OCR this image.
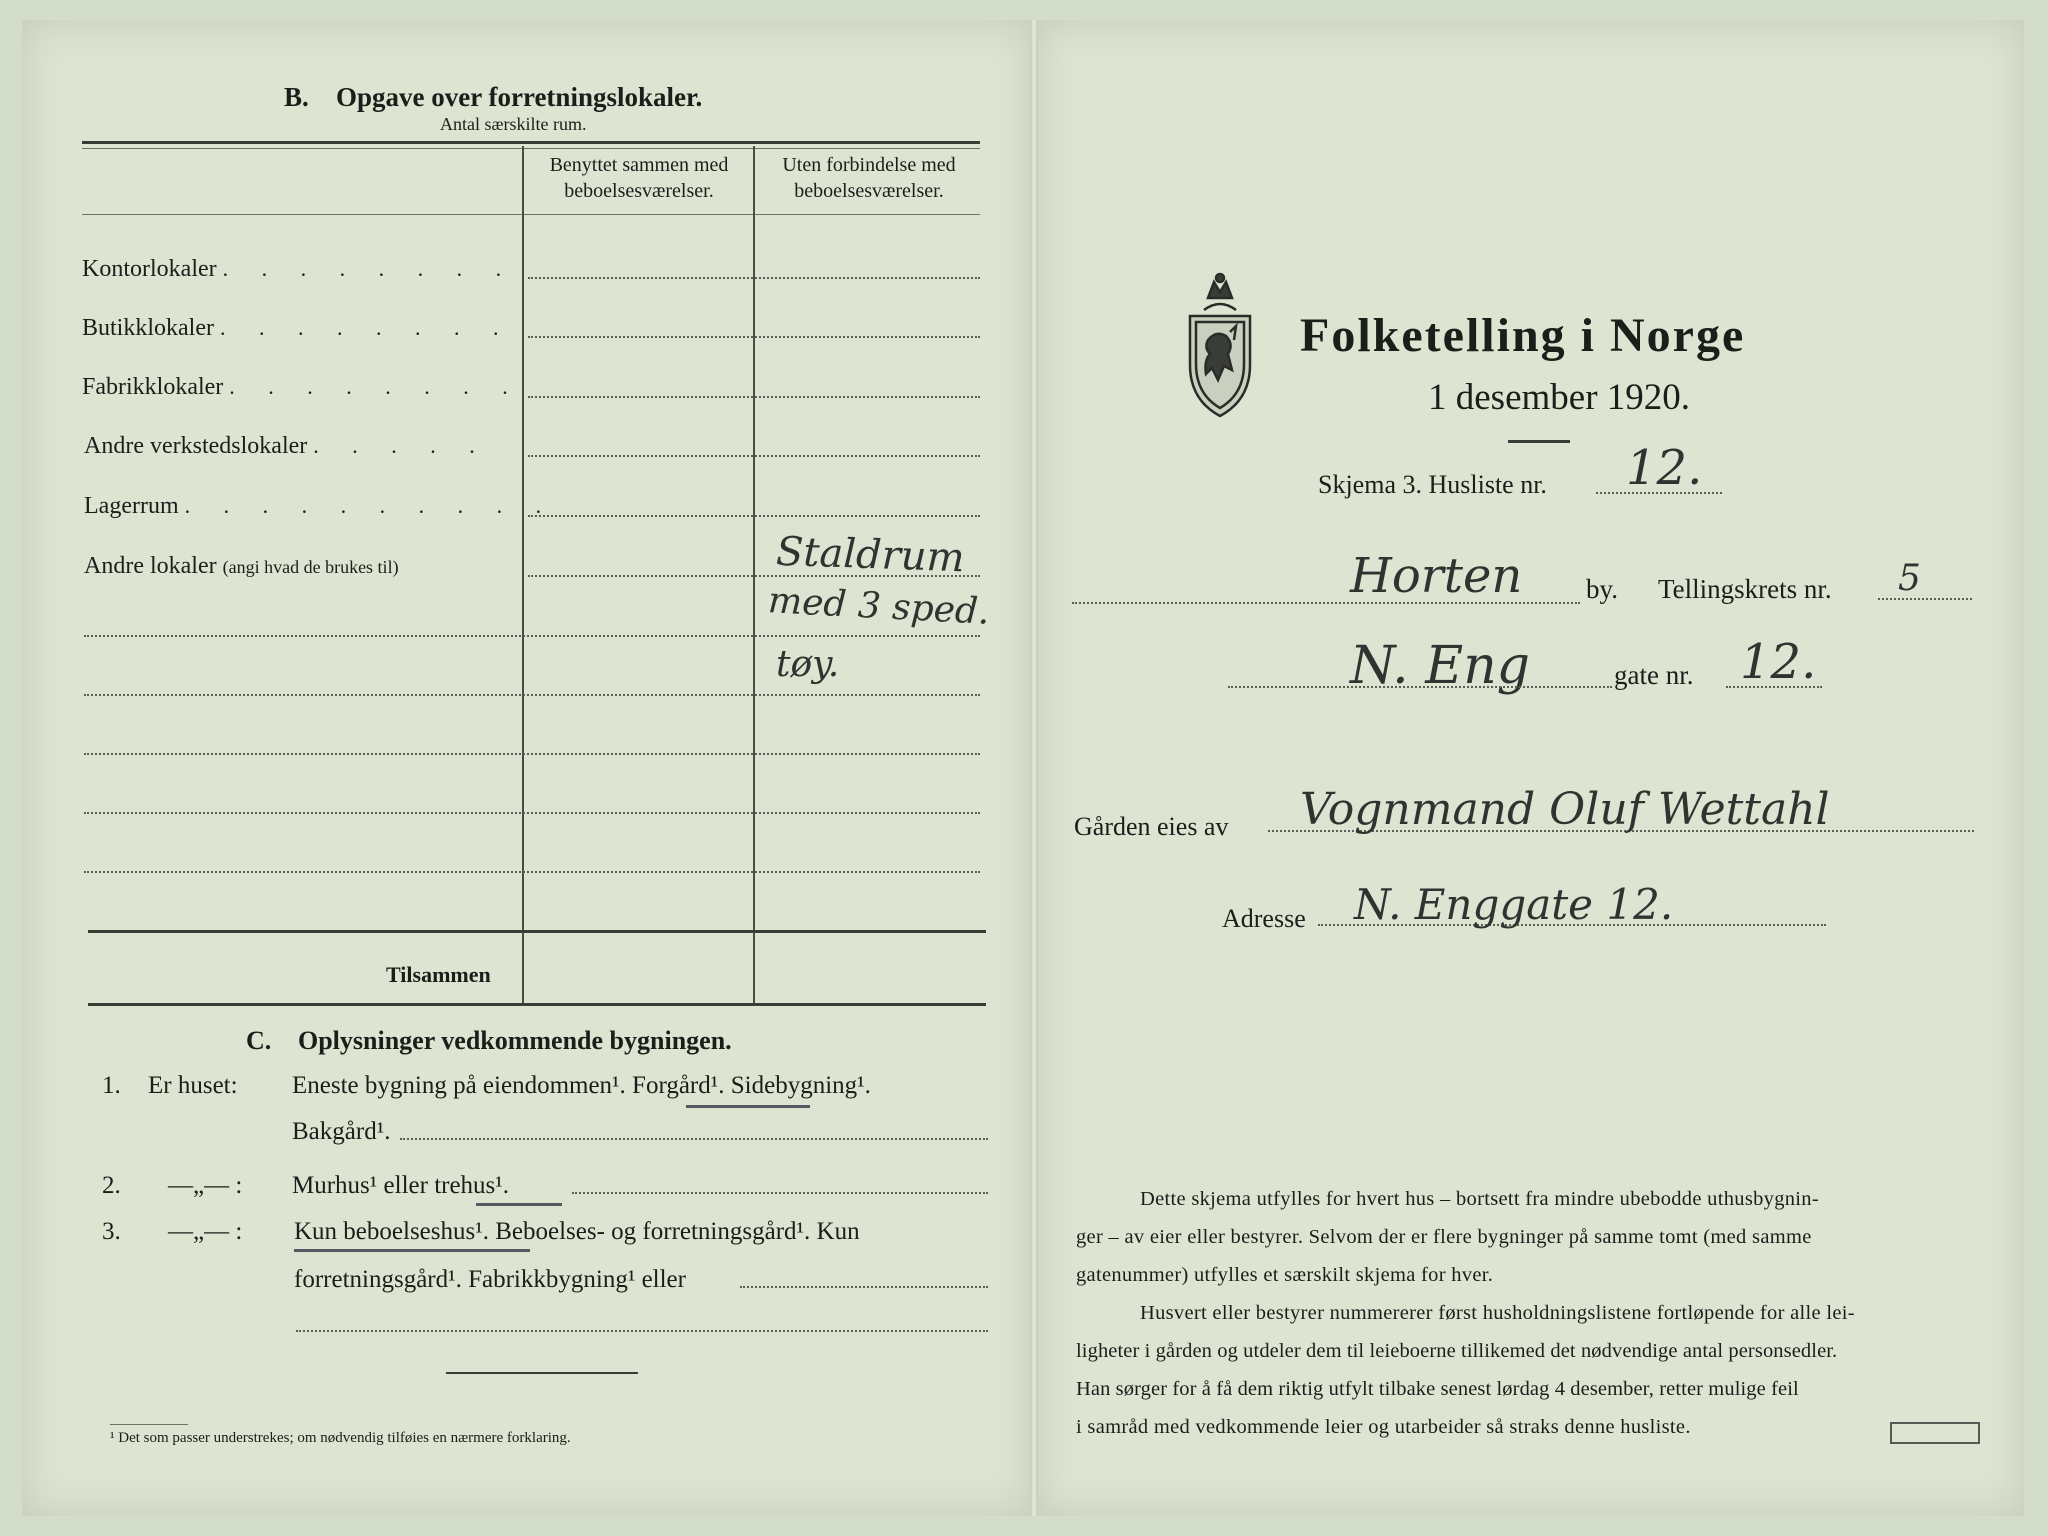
B. Opgave over forretningslokaler.
Antal særskilte rum.
Benyttet sammen med
beboelsesværelser.
Uten forbindelse med
beboelsesværelser.
Kontorlokaler . . . . . . . .
Butikklokaler . . . . . . . .
Fabrikklokaler . . . . . . . .
Andre verkstedslokaler . . . . .
Lagerrum . . . . . . . . . .
Andre lokaler (angi hvad de brukes til)	Staldrum
med 3 sped.
tøy.
Tilsammen
C. Oplysninger vedkommende bygningen.
1. Er huset: Eneste bygning på eiendommen¹. Forgård¹. Sidebygning¹.
Bakgård¹.
2. —„— : Murhus¹ eller trehus¹.
3. —„— : Kun beboelseshus¹. Beboelses- og forretningsgård¹. Kun
forretningsgård¹. Fabrikkbygning¹ eller
¹ Det som passer understrekes; om nødvendig tilføies en nærmere forklaring.
Folketelling i Norge
1 desember 1920.
Skjema 3. Husliste nr. 12.
Horten by. Tellingskrets nr. 5
N. Eng	gate nr. 12.
Gården eies av Vognmand Oluf Wettahl
Adresse N. Enggate 12.
Dette skjema utfylles for hvert hus – bortsett fra mindre ubebodde uthusbygnin-
ger – av eier eller bestyrer. Selvom der er flere bygninger på samme tomt (med samme
gatenummer) utfylles et særskilt skjema for hver.
Husvert eller bestyrer nummererer først husholdningslistene fortløpende for alle lei-
ligheter i gården og utdeler dem til leieboerne tillikemed det nødvendige antal personsedler.
Han sørger for å få dem riktig utfylt tilbake senest lørdag 4 desember, retter mulige feil
i samråd med vedkommende leier og utarbeider så straks denne husliste.
